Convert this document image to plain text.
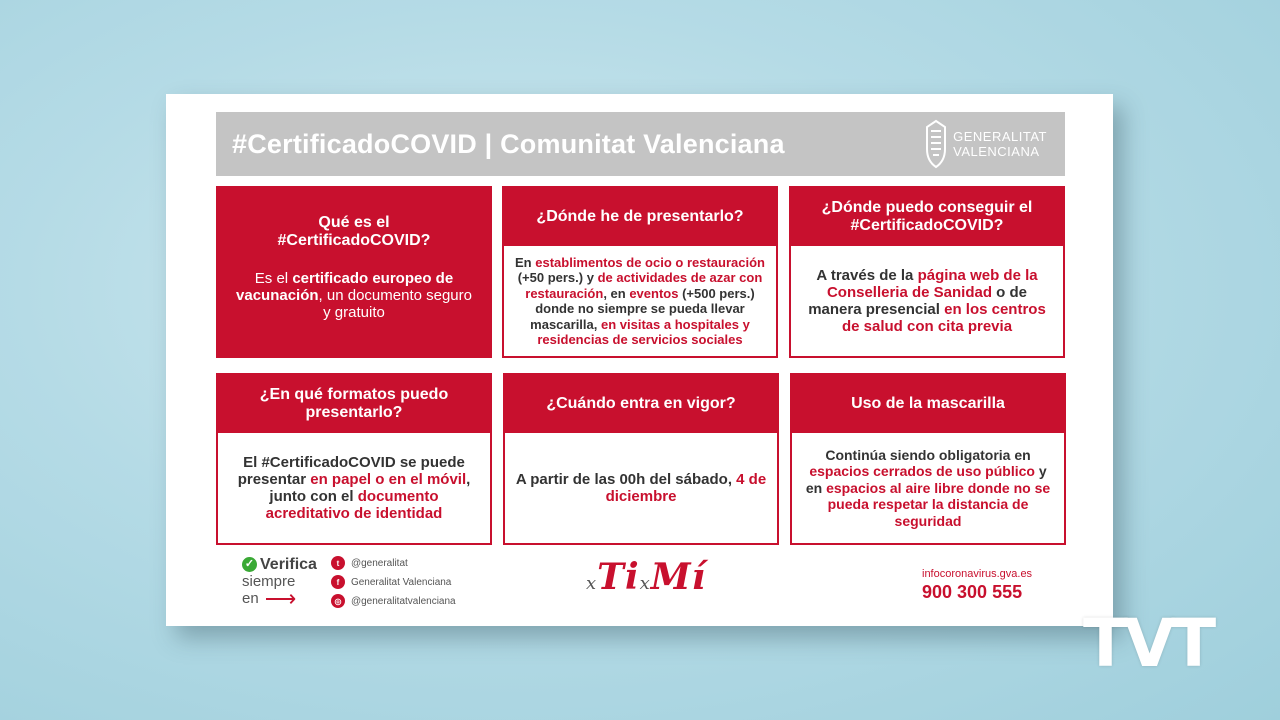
#CertificadoCOVID | Comunitat Valenciana	GENERALITAT
VALENCIANA
Qué es el
#CertificadoCOVID?
Es el certificado europeo de vacunación, un documento seguro y gratuito
¿Dónde he de presentarlo?

En establimentos de ocio o restauración (+50 pers.) y de actividades de azar con restauración, en eventos (+500 pers.) donde no siempre se pueda llevar mascarilla, en visitas a hospitales y residencias de servicios sociales

¿Dónde puedo conseguir el #CertificadoCOVID?

A través de la página web de la Conselleria de Sanidad o de manera presencial en los centros de salud con cita previa

¿En qué formatos puedo presentarlo?

El #CertificadoCOVID se puede presentar en papel o en el móvil, junto con el documento acreditativo de identidad

¿Cuándo entra en vigor?

A partir de las 00h del sábado, 4 de diciembre

Uso de la mascarilla

Continúa siendo obligatoria en espacios cerrados de uso público y en espacios al aire libre donde no se pueda respetar la distancia de seguridad

✓ Verifica
siempre
en ⟶
t	@generalitat
f	Generalitat Valenciana
◎ @generalitatvalenciana
xTixMí	infocoronavirus.gva.es
900 300 555
TVT
